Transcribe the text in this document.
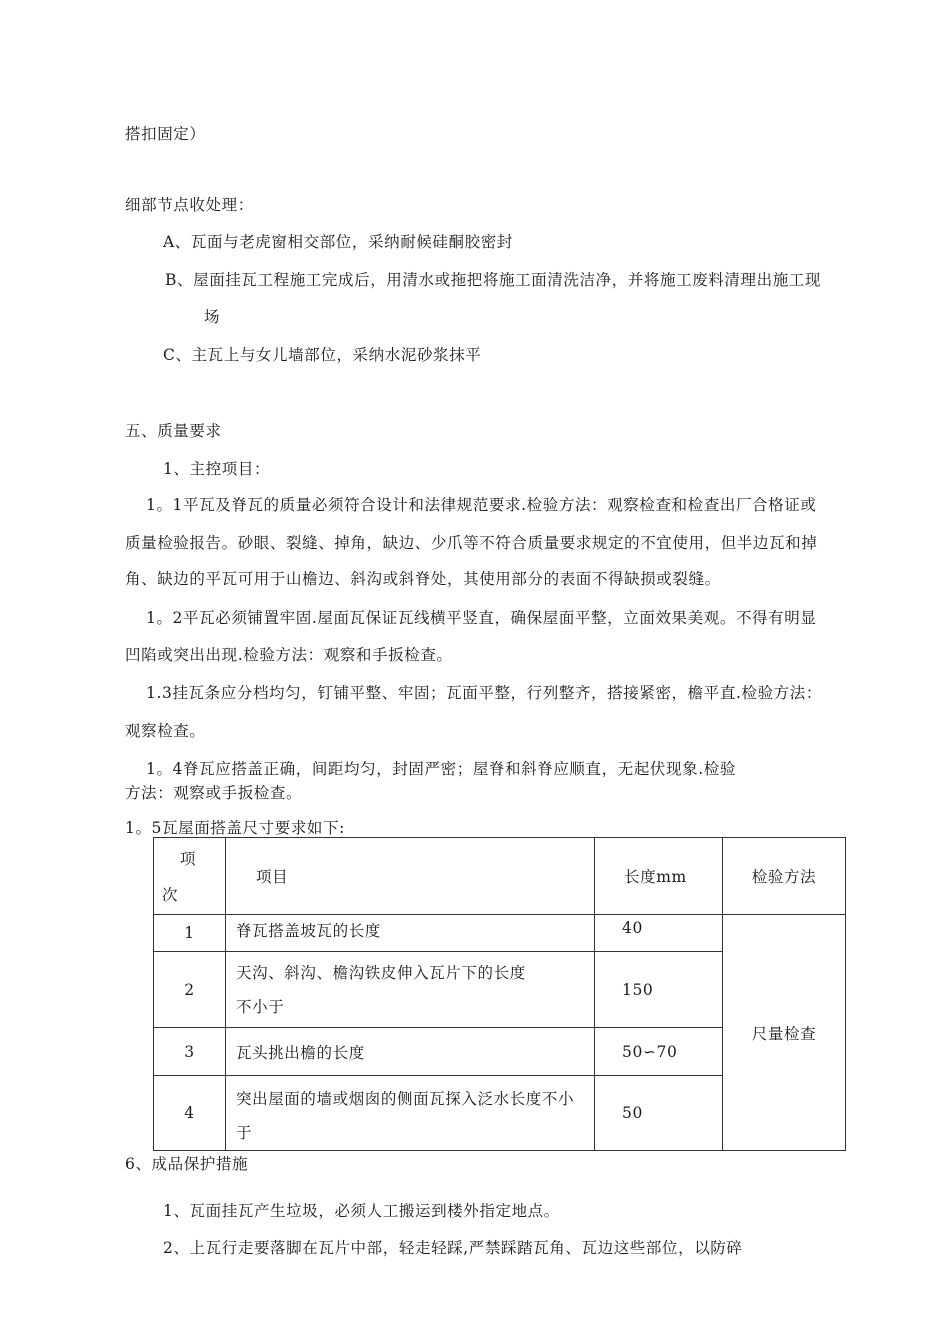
搭扣固定）
细部节点收处理：
A、瓦面与老虎窗相交部位，采纳耐候硅酮胶密封
B、屋面挂瓦工程施工完成后，用清水或拖把将施工面清洗洁净，并将施工废料清理出施工现
场
C、主瓦上与女儿墙部位，采纳水泥砂浆抹平
五、质量要求
1、主控项目：
1。1平瓦及脊瓦的质量必须符合设计和法律规范要求.检验方法：观察检查和检查出厂合格证或
质量检验报告。砂眼、裂缝、掉角，缺边、少爪等不符合质量要求规定的不宜使用，但半边瓦和掉
角、缺边的平瓦可用于山檐边、斜沟或斜脊处，其使用部分的表面不得缺损或裂缝。
1。2平瓦必须铺置牢固.屋面瓦保证瓦线横平竖直，确保屋面平整，立面效果美观。不得有明显
凹陷或突出出现.检验方法：观察和手扳检查。
1.3挂瓦条应分档均匀，钉铺平整、牢固；瓦面平整，行列整齐，搭接紧密，檐平直.检验方法：
观察检查。
1。4脊瓦应搭盖正确，间距均匀，封固严密；屋脊和斜脊应顺直，无起伏现象.检验
方法：观察或手扳检查。
1。5瓦屋面搭盖尺寸要求如下:
项
次	项目	长度mm	检验方法
1	脊瓦搭盖坡瓦的长度	40	尺量检查
2	天沟、斜沟、檐沟铁皮伸入瓦片下的长度
不小于	150	
3	瓦头挑出檐的长度	50∽70	
4	突出屋面的墙或烟囱的侧面瓦探入泛水长度不小
于	50	
6、成品保护措施
1、瓦面挂瓦产生垃圾，必须人工搬运到楼外指定地点。
2、上瓦行走要落脚在瓦片中部，轻走轻踩,严禁踩踏瓦角、瓦边这些部位，以防碎
